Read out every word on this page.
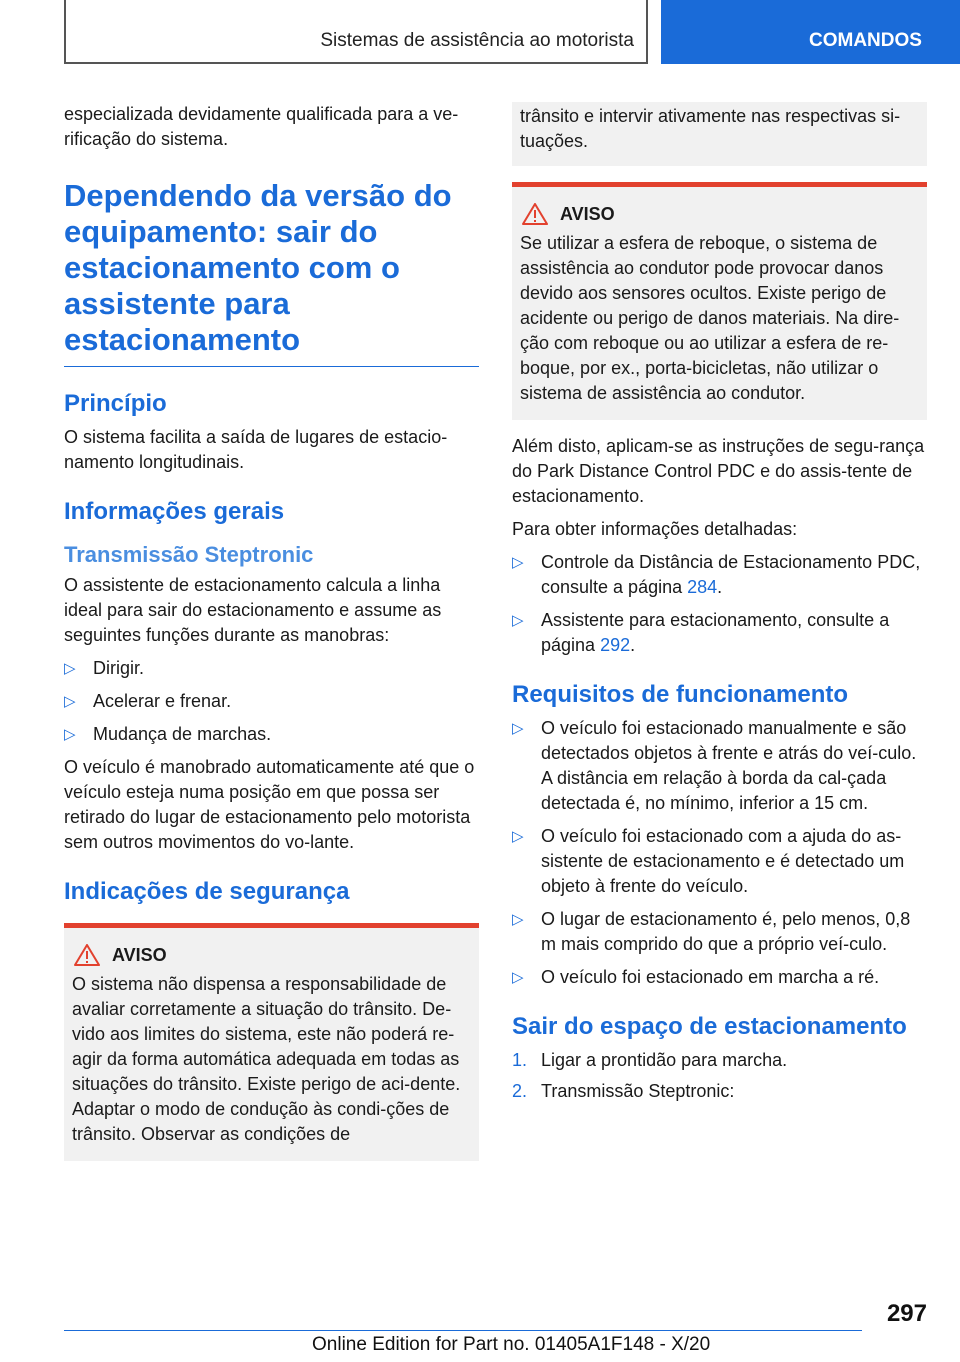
Sistemas de assistência ao motorista	COMANDOS

especializada devidamente qualificada para a ve-rificação do sistema.

Dependendo da versão do equipamento: sair do estacionamento com o assistente para estacionamento
Princípio

O sistema facilita a saída de lugares de estacio-namento longitudinais.

Informações gerais
Transmissão Steptronic

O assistente de estacionamento calcula a linha ideal para sair do estacionamento e assume as seguintes funções durante as manobras:

▷ Dirigir.
▷ Acelerar e frenar.
▷ Mudança de marchas.

O veículo é manobrado automaticamente até que o veículo esteja numa posição em que possa ser retirado do lugar de estacionamento pelo motorista sem outros movimentos do vo-lante.

Indicações de segurança
AVISO

O sistema não dispensa a responsabilidade de avaliar corretamente a situação do trânsito. De-vido aos limites do sistema, este não poderá re-agir da forma automática adequada em todas as situações do trânsito. Existe perigo de aci-dente. Adaptar o modo de condução às condi-ções de trânsito. Observar as condições de

trânsito e intervir ativamente nas respectivas si-tuações.

AVISO

Se utilizar a esfera de reboque, o sistema de assistência ao condutor pode provocar danos devido aos sensores ocultos. Existe perigo de acidente ou perigo de danos materiais. Na dire-ção com reboque ou ao utilizar a esfera de re-boque, por ex., porta-bicicletas, não utilizar o sistema de assistência ao condutor.

Além disto, aplicam-se as instruções de segu-rança do Park Distance Control PDC e do assis-tente de estacionamento.

Para obter informações detalhadas:

▷ Controle da Distância de Estacionamento PDC, consulte a página 284.
▷ Assistente para estacionamento, consulte a página 292.
Requisitos de funcionamento
▷ O veículo foi estacionado manualmente e são detectados objetos à frente e atrás do veí-culo. A distância em relação à borda da cal-çada detectada é, no mínimo, inferior a 15 cm.
▷ O veículo foi estacionado com a ajuda do as-sistente de estacionamento e é detectado um objeto à frente do veículo.
▷ O lugar de estacionamento é, pelo menos, 0,8 m mais comprido do que a próprio veí-culo.
▷ O veículo foi estacionado em marcha a ré.
Sair do espaço de estacionamento
1. Ligar a prontidão para marcha.
2. Transmissão Steptronic:
297
Online Edition for Part no. 01405A1F148 - X/20
